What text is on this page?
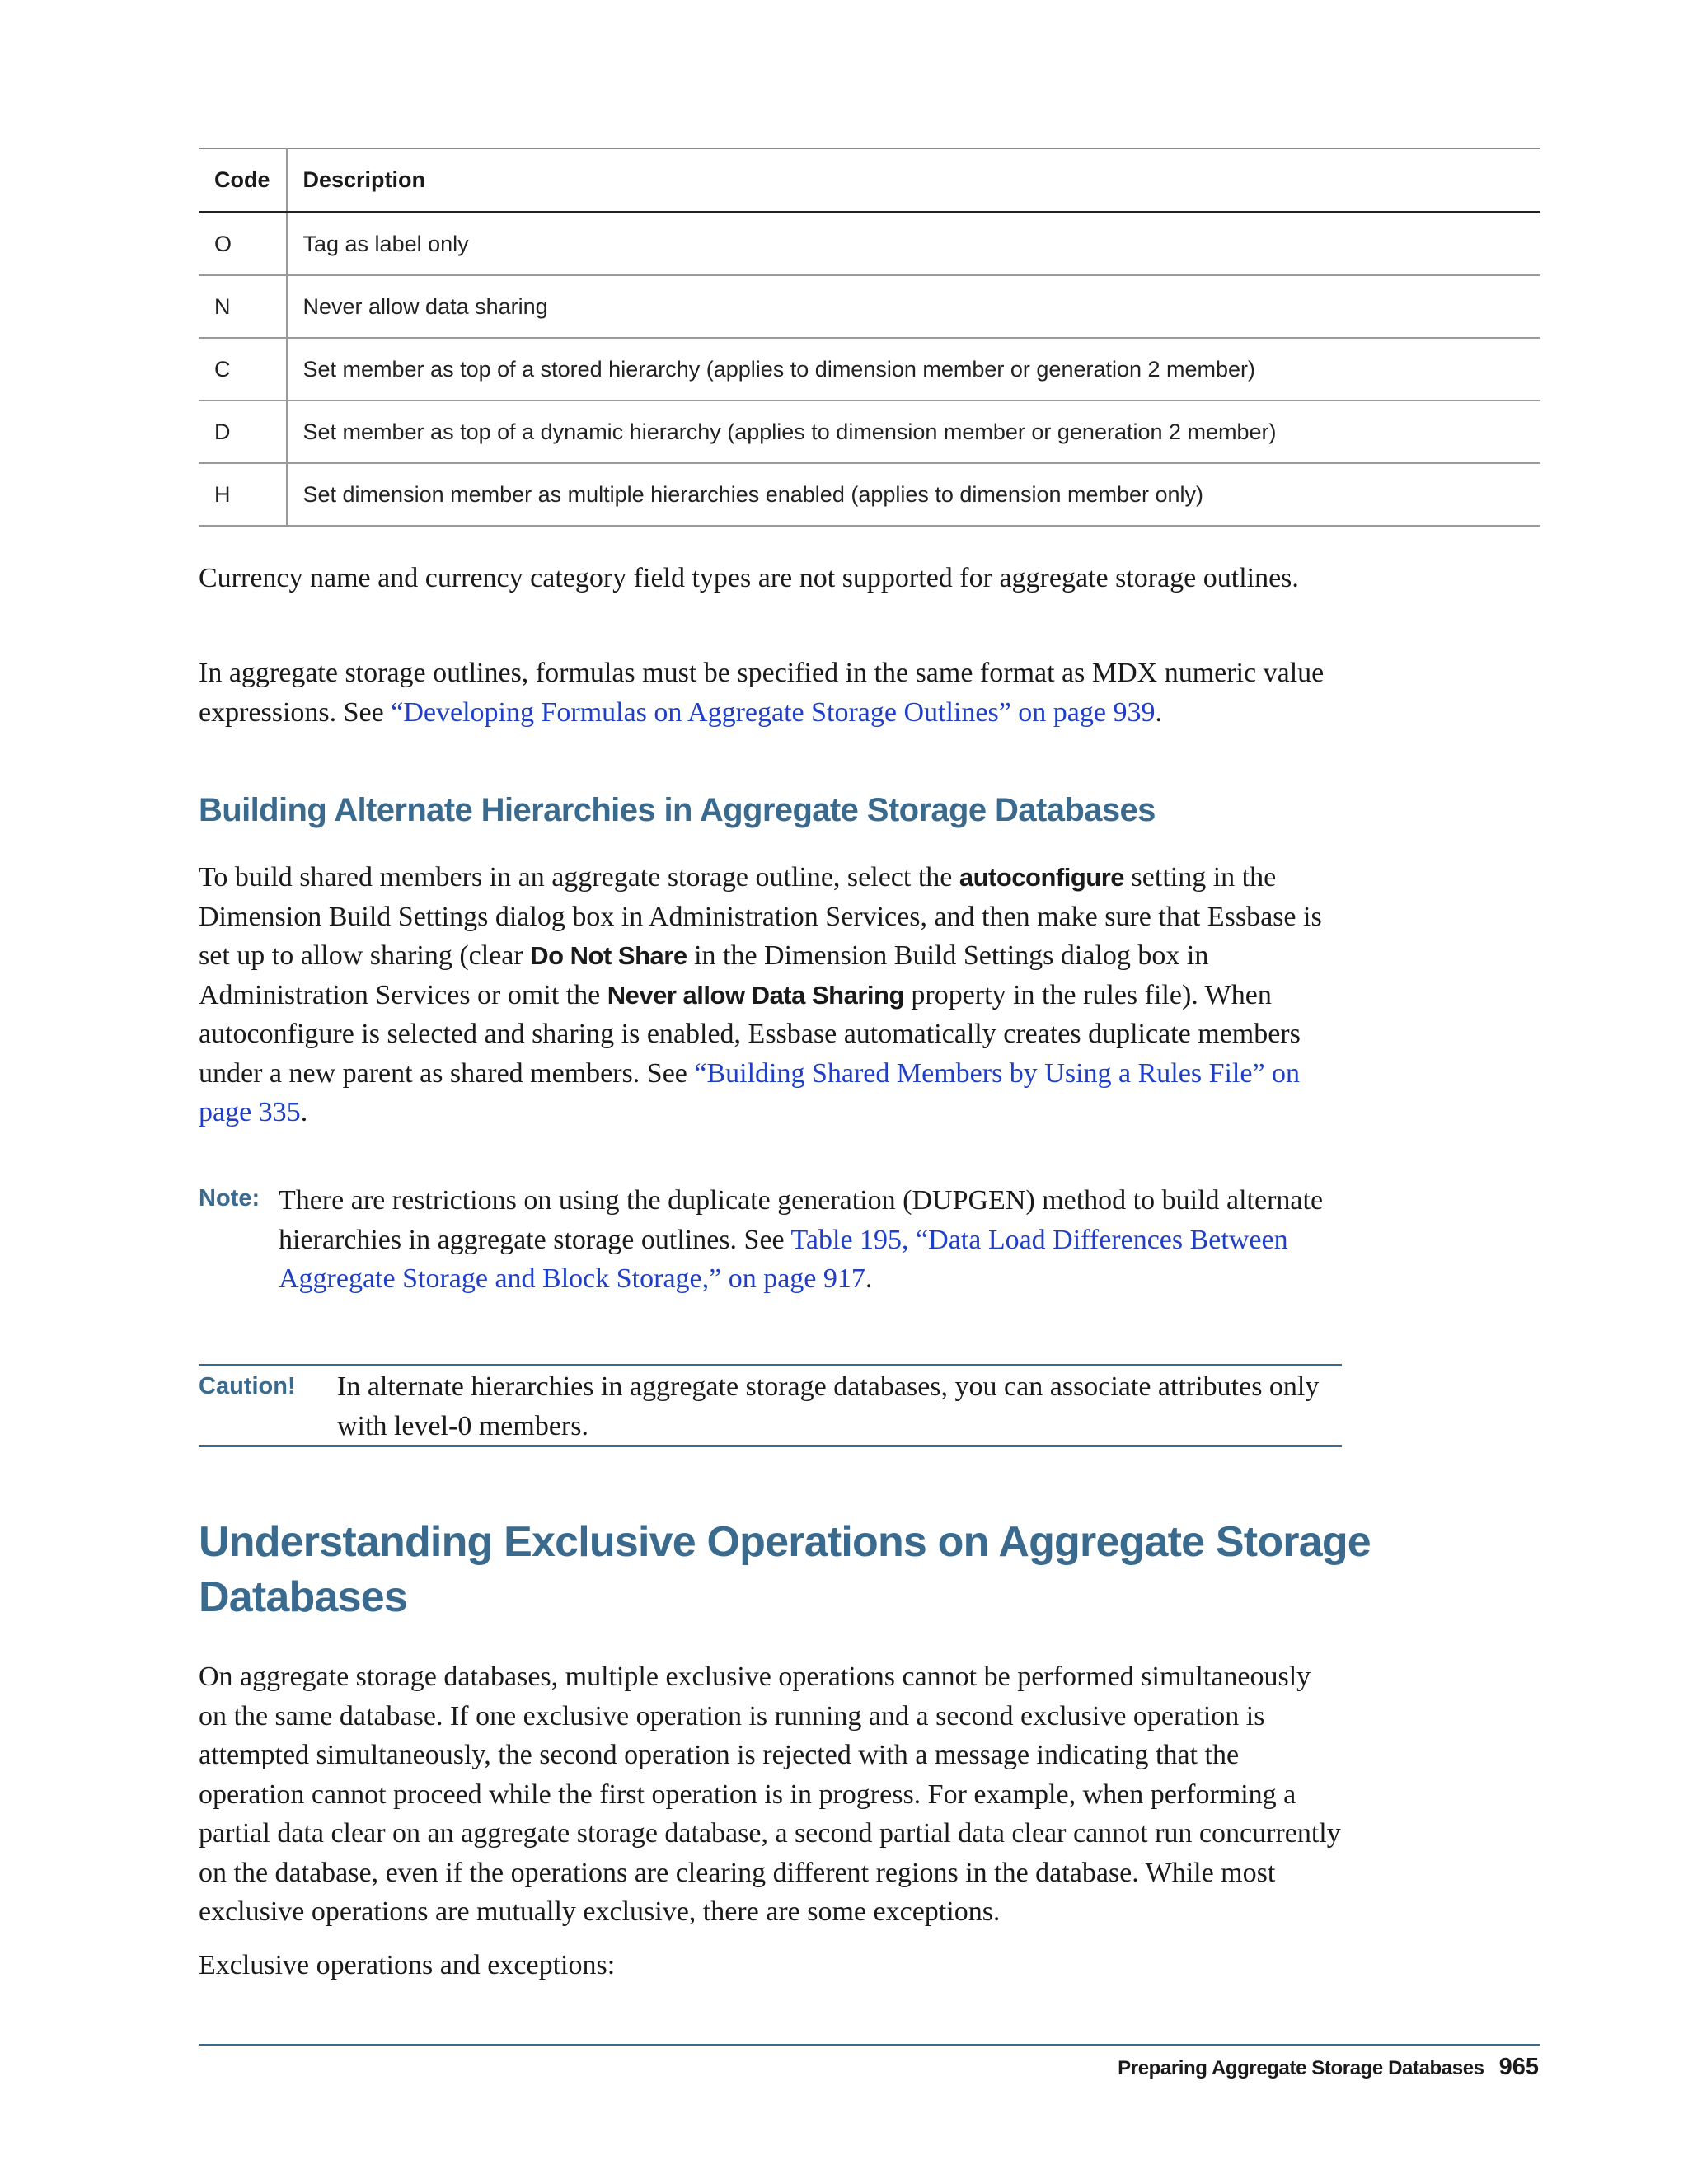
Code	Description
O	Tag as label only
N	Never allow data sharing
C	Set member as top of a stored hierarchy (applies to dimension member or generation 2 member)
D	Set member as top of a dynamic hierarchy (applies to dimension member or generation 2 member)
H	Set dimension member as multiple hierarchies enabled (applies to dimension member only)

Currency name and currency category field types are not supported for aggregate storage outlines.

In aggregate storage outlines, formulas must be specified in the same format as MDX numeric value expressions. See “Developing Formulas on Aggregate Storage Outlines” on page 939.

Building Alternate Hierarchies in Aggregate Storage Databases

To build shared members in an aggregate storage outline, select the autoconfigure setting in the Dimension Build Settings dialog box in Administration Services, and then make sure that Essbase is set up to allow sharing (clear Do Not Share in the Dimension Build Settings dialog box in Administration Services or omit the Never allow Data Sharing property in the rules file). When autoconfigure is selected and sharing is enabled, Essbase automatically creates duplicate members under a new parent as shared members. See “Building Shared Members by Using a Rules File” on page 335.

Note: There are restrictions on using the duplicate generation (DUPGEN) method to build alternate hierarchies in aggregate storage outlines. See Table 195, “Data Load Differences Between Aggregate Storage and Block Storage,” on page 917.

Caution! In alternate hierarchies in aggregate storage databases, you can associate attributes only with level-0 members.

Understanding Exclusive Operations on Aggregate Storage Databases

On aggregate storage databases, multiple exclusive operations cannot be performed simultaneously on the same database. If one exclusive operation is running and a second exclusive operation is attempted simultaneously, the second operation is rejected with a message indicating that the operation cannot proceed while the first operation is in progress. For example, when performing a partial data clear on an aggregate storage database, a second partial data clear cannot run concurrently on the database, even if the operations are clearing different regions in the database. While most exclusive operations are mutually exclusive, there are some exceptions.

Exclusive operations and exceptions:

Preparing Aggregate Storage Databases 965
